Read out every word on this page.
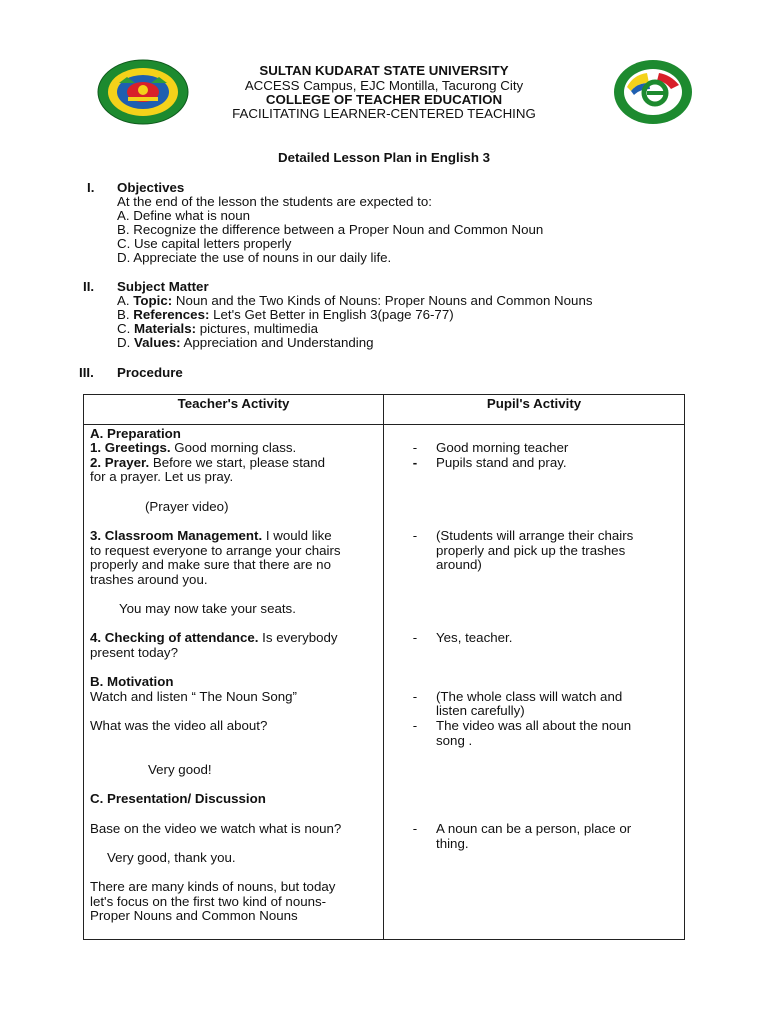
SULTAN KUDARAT STATE UNIVERSITY
ACCESS Campus, EJC Montilla, Tacurong City
COLLEGE OF TEACHER EDUCATION
FACILITATING LEARNER-CENTERED TEACHING
Detailed Lesson Plan in English 3
I. Objectives
At the end of the lesson the students are expected to:
A. Define what is noun
B. Recognize the difference between a Proper Noun and Common Noun
C. Use capital letters properly
D. Appreciate the use of nouns in our daily life.
II. Subject Matter
A. Topic: Noun and the Two Kinds of Nouns: Proper Nouns and Common Nouns
B. References: Let's Get Better in English 3(page 76-77)
C. Materials: pictures, multimedia
D. Values: Appreciation and Understanding
III. Procedure
Teacher's Activity	Pupil's Activity
A. Preparation
1. Greetings. Good morning class.
2. Prayer. Before we start, please stand
for a prayer. Let us pray.
(Prayer video)
3. Classroom Management. I would like
to request everyone to arrange your chairs
properly and make sure that there are no
trashes around you.
You may now take your seats.
4. Checking of attendance. Is everybody
present today?
B. Motivation
Watch and listen “ The Noun Song”
What was the video all about?
Very good!
C. Presentation/ Discussion
Base on the video we watch what is noun?
Very good, thank you.
There are many kinds of nouns, but today
let's focus on the first two kind of nouns-
Proper Nouns and Common Nouns
- Good morning teacher
- Pupils stand and pray.
- (Students will arrange their chairs
properly and pick up the trashes
around)
- Yes, teacher.
- (The whole class will watch and
listen carefully)
- The video was all about the noun
song .
- A noun can be a person, place or
thing.
